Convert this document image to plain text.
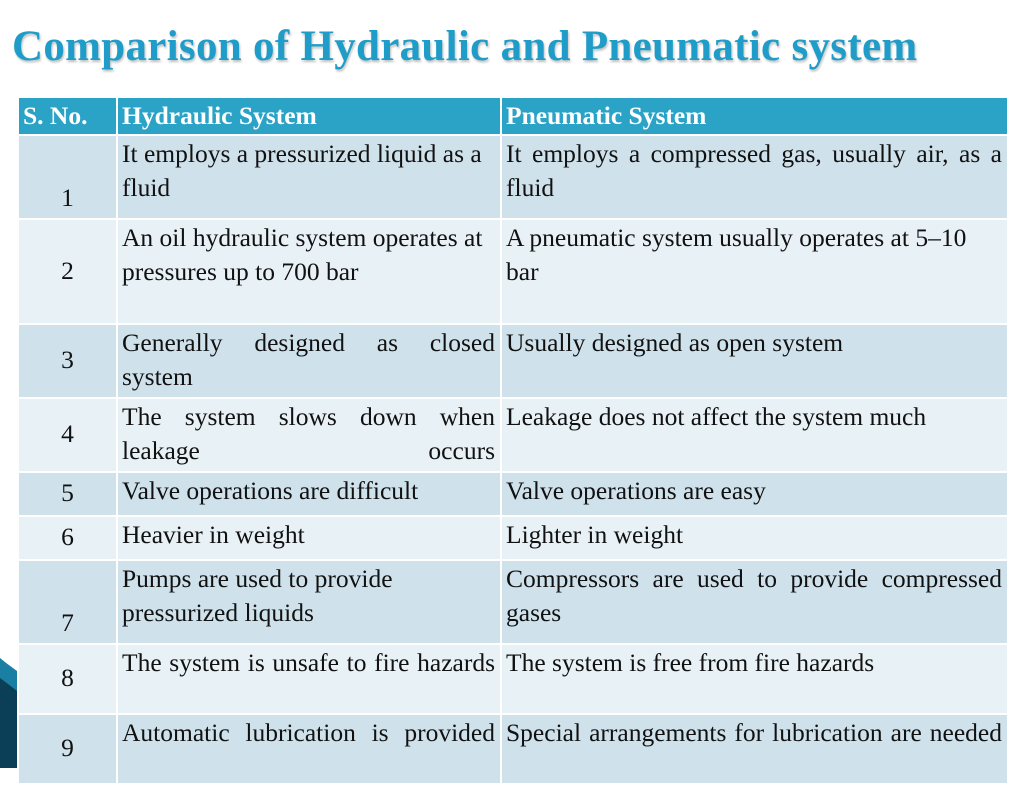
Comparison of Hydraulic and Pneumatic system
S. No.	Hydraulic System	Pneumatic System
1	It employs a pressurized liquid as a fluid	It employs a compressed gas, usually air, as a fluid
2	An oil hydraulic system operates at pressures up to 700 bar	A pneumatic system usually operates at 5–10 bar
3	Generally designed as closed system	Usually designed as open system
4	The system slows down when leakage occurs	Leakage does not affect the system much
5	Valve operations are difficult	Valve operations are easy
6	Heavier in weight	Lighter in weight
7	Pumps are used to provide pressurized liquids	Compressors are used to provide compressed gases
8	The system is unsafe to fire hazards	The system is free from fire hazards
9	Automatic lubrication is provided	Special arrangements for lubrication are needed
